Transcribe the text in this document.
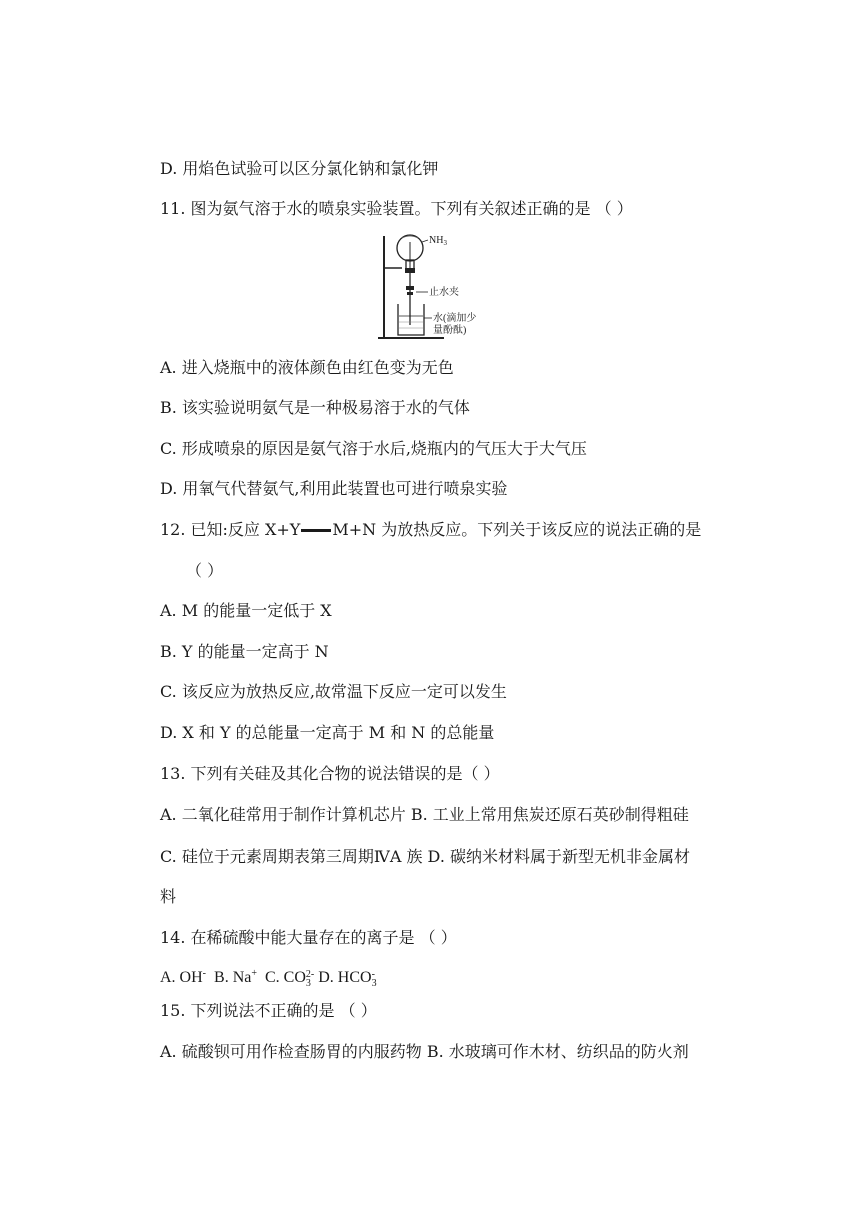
D. 用焰色试验可以区分氯化钠和氯化钾
11. 图为氨气溶于水的喷泉实验装置。下列有关叙述正确的是 （ ）
$NH_3$
止水夹
水(滴加少
量酚酞)
A. 进入烧瓶中的液体颜色由红色变为无色
B. 该实验说明氨气是一种极易溶于水的气体
C. 形成喷泉的原因是氨气溶于水后,烧瓶内的气压大于大气压
D. 用氧气代替氨气,利用此装置也可进行喷泉实验
12. 已知:反应 X+Y M+N 为放热反应。下列关于该反应的说法正确的是
（ ）
A. M 的能量一定低于 X
B. Y 的能量一定高于 N
C. 该反应为放热反应,故常温下反应一定可以发生
D. X 和 Y 的总能量一定高于 M 和 N 的总能量
13. 下列有关硅及其化合物的说法错误的是（ ）
A. 二氧化硅常用于制作计算机芯片 B. 工业上常用焦炭还原石英砂制得粗硅
C. 硅位于元素周期表第三周期ⅣA 族 D. 碳纳米材料属于新型无机非金属材
料
14. 在稀硫酸中能大量存在的离子是 （ ）
A. OH- B. Na+ C. CO 2-
3 D. HCO -
3
15. 下列说法不正确的是 （ ）
A. 硫酸钡可用作检查肠胃的内服药物 B. 水玻璃可作木材、纺织品的防火剂
